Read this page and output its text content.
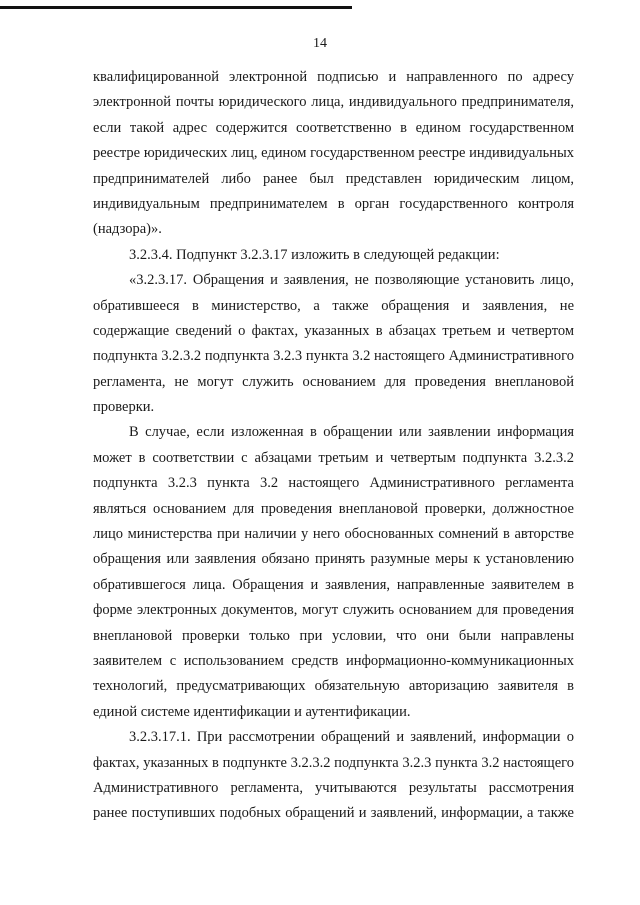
14
квалифицированной электронной подписью и направленного по адресу
электронной почты юридического лица, индивидуального предпринимателя,
если такой адрес содержится соответственно в едином государственном
реестре юридических лиц, едином государственном реестре индивидуальных
предпринимателей либо ранее был представлен юридическим лицом,
индивидуальным предпринимателем в орган государственного контроля
(надзора)».
3.2.3.4. Подпункт 3.2.3.17 изложить в следующей редакции:
«3.2.3.17. Обращения и заявления, не позволяющие установить лицо,
обратившееся в министерство, а также обращения и заявления, не
содержащие сведений о фактах, указанных в абзацах третьем и четвертом
подпункта 3.2.3.2 подпункта 3.2.3 пункта 3.2 настоящего Административного
регламента, не могут служить основанием для проведения внеплановой
проверки.
В случае, если изложенная в обращении или заявлении информация
может в соответствии с абзацами третьим и четвертым подпункта 3.2.3.2
подпункта 3.2.3 пункта 3.2 настоящего Административного регламента
являться основанием для проведения внеплановой проверки, должностное
лицо министерства при наличии у него обоснованных сомнений в авторстве
обращения или заявления обязано принять разумные меры к установлению
обратившегося лица. Обращения и заявления, направленные заявителем в
форме электронных документов, могут служить основанием для проведения
внеплановой проверки только при условии, что они были направлены
заявителем с использованием средств информационно-коммуникационных
технологий, предусматривающих обязательную авторизацию заявителя в
единой системе идентификации и аутентификации.
3.2.3.17.1. При рассмотрении обращений и заявлений, информации о
фактах, указанных в подпункте 3.2.3.2 подпункта 3.2.3 пункта 3.2 настоящего
Административного регламента, учитываются результаты рассмотрения
ранее поступивших подобных обращений и заявлений, информации, а также
